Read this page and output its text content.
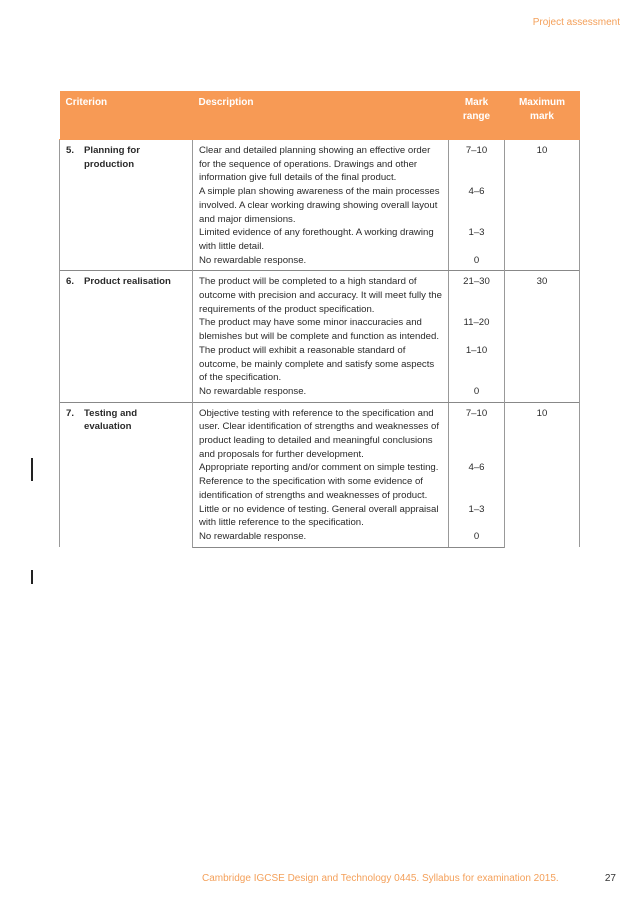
Project assessment
Criterion	Description	Mark range	Maximum mark
5. Planning for production	Clear and detailed planning showing an effective order for the sequence of operations. Drawings and other information give full details of the final product.	7–10	10
	A simple plan showing awareness of the main processes involved. A clear working drawing showing overall layout and major dimensions.	4–6	
	Limited evidence of any forethought. A working drawing with little detail.	1–3	
	No rewardable response.	0	
6. Product realisation	The product will be completed to a high standard of outcome with precision and accuracy. It will meet fully the requirements of the product specification.	21–30	30
	The product may have some minor inaccuracies and blemishes but will be complete and function as intended.	11–20	
	The product will exhibit a reasonable standard of outcome, be mainly complete and satisfy some aspects of the specification.	1–10	
	No rewardable response.	0	
7. Testing and evaluation	Objective testing with reference to the specification and user. Clear identification of strengths and weaknesses of product leading to detailed and meaningful conclusions and proposals for further development.	7–10	10
	Appropriate reporting and/or comment on simple testing. Reference to the specification with some evidence of identification of strengths and weaknesses of product.	4–6	
	Little or no evidence of testing. General overall appraisal with little reference to the specification.	1–3	
	No rewardable response.	0	
Cambridge IGCSE Design and Technology 0445. Syllabus for examination 2015.	27
